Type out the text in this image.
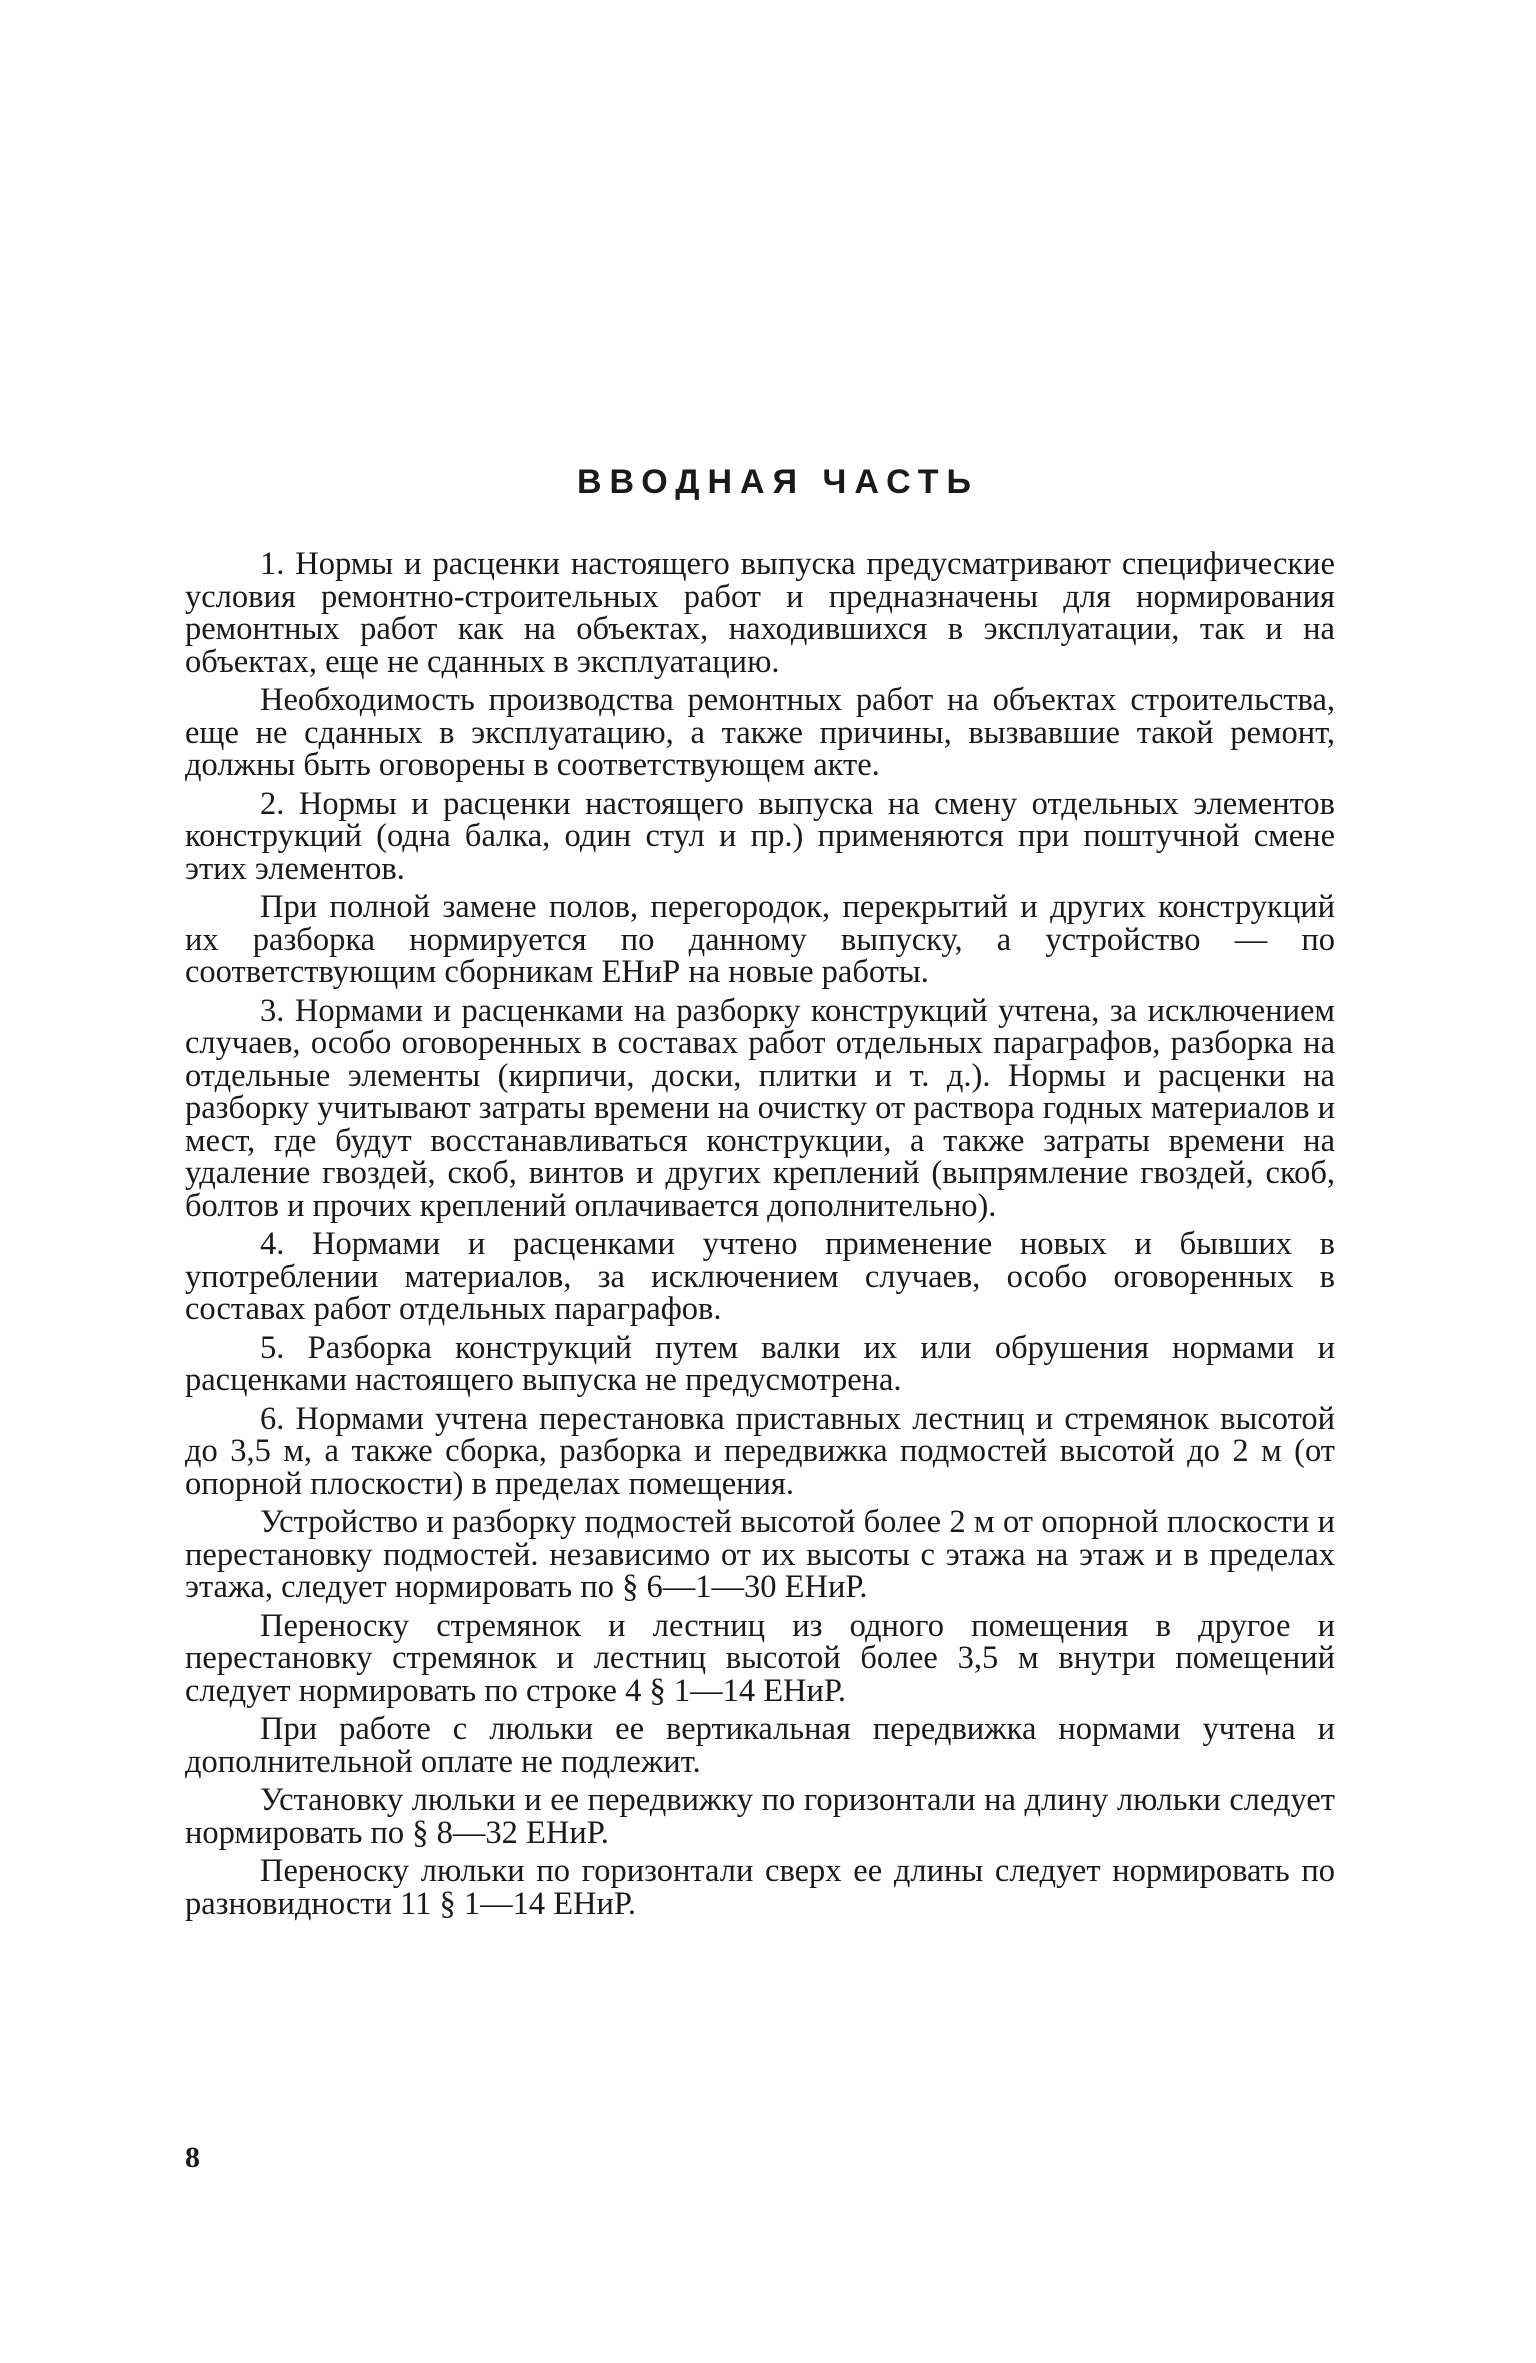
ВВОДНАЯ ЧАСТЬ

1. Нормы и расценки настоящего выпуска предусматривают специфические условия ремонтно-строительных работ и предназначены для нормирования ремонтных работ как на объектах, находившихся в эксплуатации, так и на объектах, еще не сданных в эксплуатацию.

Необходимость производства ремонтных работ на объектах строительства, еще не сданных в эксплуатацию, а также причины, вызвавшие такой ремонт, должны быть оговорены в соответствующем акте.

2. Нормы и расценки настоящего выпуска на смену отдельных элементов конструкций (одна балка, один стул и пр.) применяются при поштучной смене этих элементов.

При полной замене полов, перегородок, перекрытий и других конструкций их разборка нормируется по данному выпуску, а устройство — по соответствующим сборникам ЕНиР на новые работы.

3. Нормами и расценками на разборку конструкций учтена, за исключением случаев, особо оговоренных в составах работ отдельных параграфов, разборка на отдельные элементы (кирпичи, доски, плитки и т. д.). Нормы и расценки на разборку учитывают затраты времени на очистку от раствора годных материалов и мест, где будут восстанавливаться конструкции, а также затраты времени на удаление гвоздей, скоб, винтов и других креплений (выпрямление гвоздей, скоб, болтов и прочих креплений оплачивается дополнительно).

4. Нормами и расценками учтено применение новых и бывших в употреблении материалов, за исключением случаев, особо оговоренных в составах работ отдельных параграфов.

5. Разборка конструкций путем валки их или обрушения нормами и расценками настоящего выпуска не предусмотрена.

6. Нормами учтена перестановка приставных лестниц и стремянок высотой до 3,5 м, а также сборка, разборка и передвижка подмостей высотой до 2 м (от опорной плоскости) в пределах помещения.

Устройство и разборку подмостей высотой более 2 м от опорной плоскости и перестановку подмостей. независимо от их высоты с этажа на этаж и в пределах этажа, следует нормировать по § 6—1—30 ЕНиР.

Переноску стремянок и лестниц из одного помещения в другое и перестановку стремянок и лестниц высотой более 3,5 м внутри помещений следует нормировать по строке 4 § 1—14 ЕНиР.

При работе с люльки ее вертикальная передвижка нормами учтена и дополнительной оплате не подлежит.

Установку люльки и ее передвижку по горизонтали на длину люльки следует нормировать по § 8—32 ЕНиР.

Переноску люльки по горизонтали сверх ее длины следует нормировать по разновидности 11 § 1—14 ЕНиР.

8
